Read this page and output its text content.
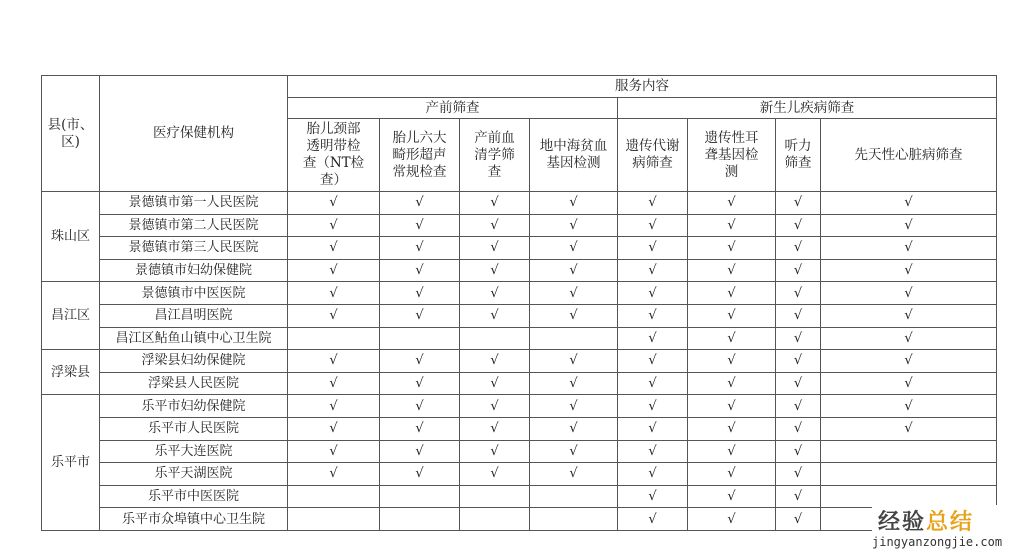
县(市、区)	医疗保健机构	服务内容							
		产前筛查				新生儿疾病筛查			
		胎儿颈部透明带检查（NT检查）	胎儿六大畸形超声常规检查	产前血清学筛查	地中海贫血基因检测	遗传代谢病筛查	遗传性耳聋基因检测	听力筛查	先天性心脏病筛查
珠山区	景德镇市第一人民医院	√	√	√	√	√	√	√	√
	景德镇市第二人民医院	√	√	√	√	√	√	√	√
	景德镇市第三人民医院	√	√	√	√	√	√	√	√
	景德镇市妇幼保健院	√	√	√	√	√	√	√	√
昌江区	景德镇市中医医院	√	√	√	√	√	√	√	√
	昌江昌明医院	√	√	√	√	√	√	√	√
	昌江区鲇鱼山镇中心卫生院					√	√	√	√
浮梁县	浮梁县妇幼保健院	√	√	√	√	√	√	√	√
	浮梁县人民医院	√	√	√	√	√	√	√	√
乐平市	乐平市妇幼保健院	√	√	√	√	√	√	√	√
	乐平市人民医院	√	√	√	√	√	√	√	√
	乐平大连医院	√	√	√	√	√	√	√	
	乐平天湖医院	√	√	√	√	√	√	√	
	乐平市中医医院					√	√	√	
	乐平市众埠镇中心卫生院					√	√	√		经验总结
jingyanzongjie.com
